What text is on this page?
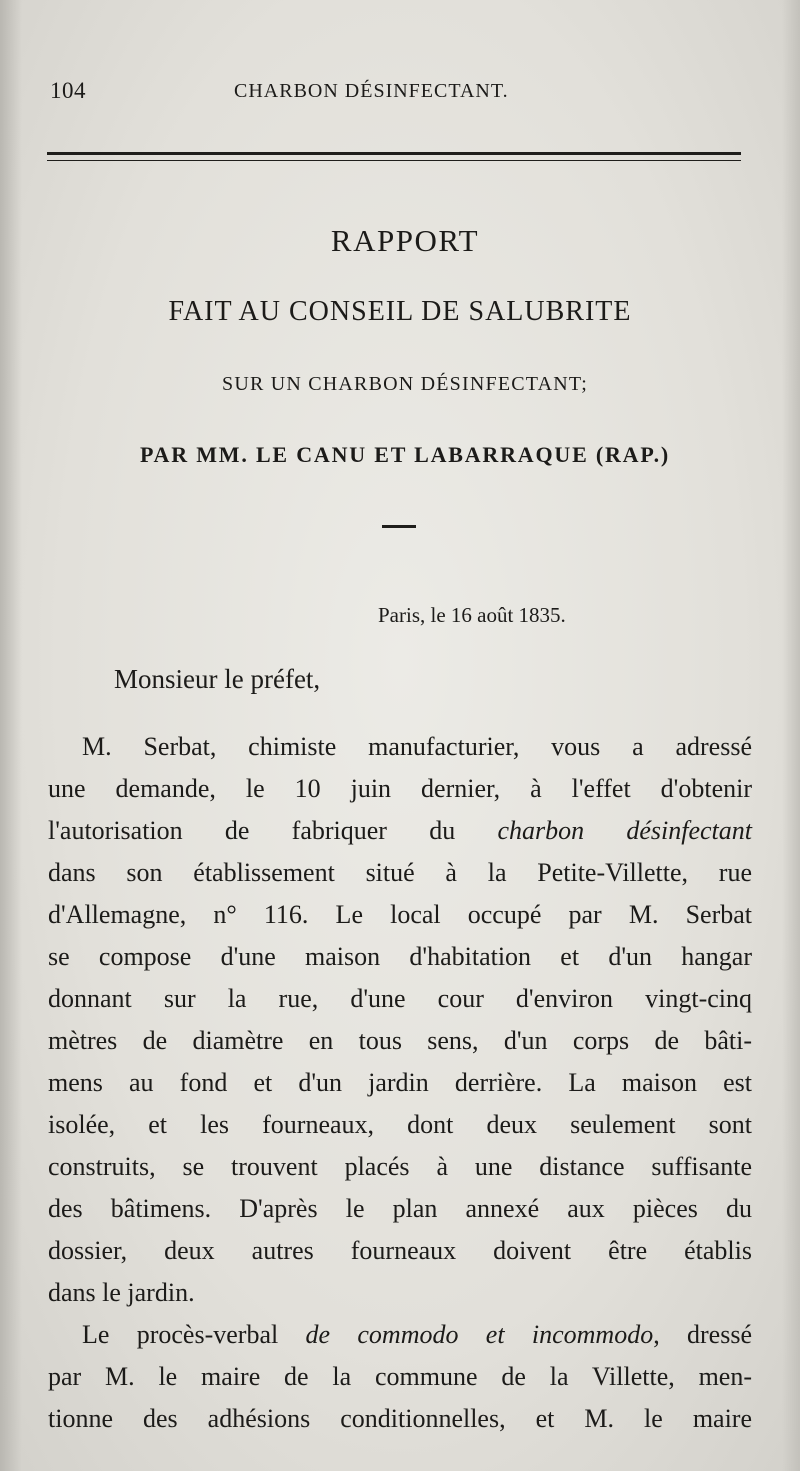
104	CHARBON DÉSINFECTANT.
RAPPORT
FAIT AU CONSEIL DE SALUBRITE
SUR UN CHARBON DÉSINFECTANT;
PAR MM. LE CANU ET LABARRAQUE (RAP.)
Paris, le 16 août 1835.
Monsieur le préfet,
M. Serbat, chimiste manufacturier, vous a adressé
une demande, le 10 juin dernier, à l'effet d'obtenir
l'autorisation de fabriquer du charbon désinfectant
dans son établissement situé à la Petite-Villette, rue
d'Allemagne, n° 116. Le local occupé par M. Serbat
se compose d'une maison d'habitation et d'un hangar
donnant sur la rue, d'une cour d'environ vingt-cinq
mètres de diamètre en tous sens, d'un corps de bâti-
mens au fond et d'un jardin derrière. La maison est
isolée, et les fourneaux, dont deux seulement sont
construits, se trouvent placés à une distance suffisante
des bâtimens. D'après le plan annexé aux pièces du
dossier, deux autres fourneaux doivent être établis
dans le jardin.
Le procès-verbal de commodo et incommodo, dressé
par M. le maire de la commune de la Villette, men-
tionne des adhésions conditionnelles, et M. le maire
